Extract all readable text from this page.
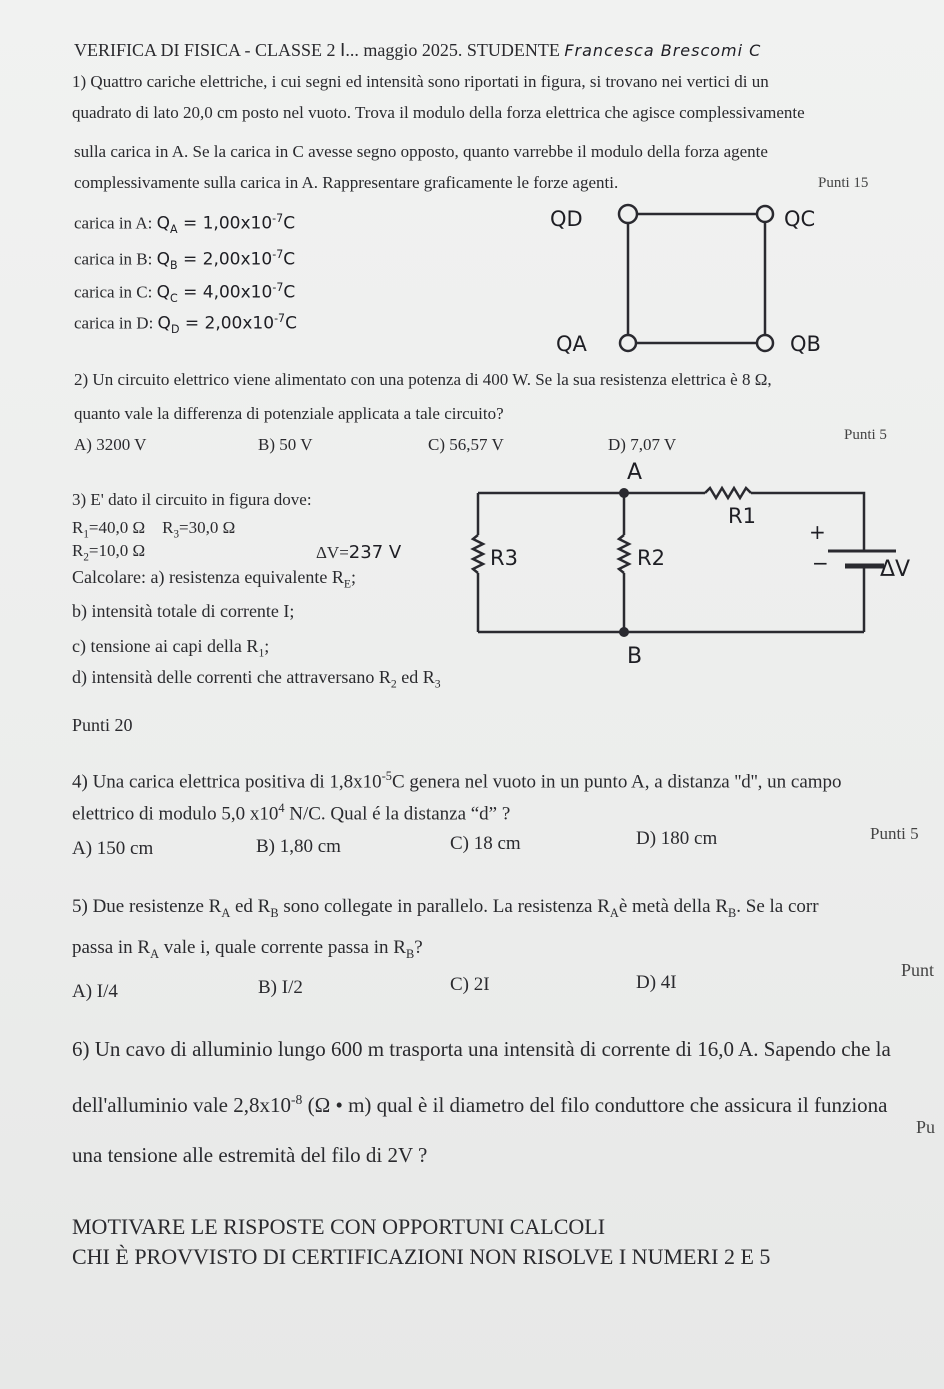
VERIFICA DI FISICA - CLASSE 2 I... maggio 2025. STUDENTE Francesca Brescomi C
1) Quattro cariche elettriche, i cui segni ed intensità sono riportati in figura, si trovano nei vertici di un
quadrato di lato 20,0 cm posto nel vuoto. Trova il modulo della forza elettrica che agisce complessivamente
sulla carica in A. Se la carica in C avesse segno opposto, quanto varrebbe il modulo della forza agente
complessivamente sulla carica in A. Rappresentare graficamente le forze agenti.	Punti 15
carica in A: $Q_A = 1,00x10^{-7}C$
carica in B: $Q_B = 2,00x10^{-7}C$
carica in C: $Q_C = 4,00x10^{-7}C$
carica in D: $Q_D = 2,00x10^{-7}C$
QD	QC
QA	QB
2) Un circuito elettrico viene alimentato con una potenza di 400 W. Se la sua resistenza elettrica è 8 Ω,
quanto vale la differenza di potenziale applicata a tale circuito?
A) 3200 V	B) 50 V	C) 56,57 V	D) 7,07 V	Punti 5
3) E' dato il circuito in figura dove:
$R_1=40,0$ Ω $R_3=30,0$ Ω
$R_2=10,0$ Ω	ΔV=237 V
Calcolare: a) resistenza equivalente $R_E$;
b) intensità totale di corrente I;
c) tensione ai capi della $R_1$;
d) intensità delle correnti che attraversano $R_2$ ed $R_3$
Punti 20
A
B
R1
R3	R2
+
− ΔV
4) Una carica elettrica positiva di $1,8x10^{-5}C$ genera nel vuoto in un punto A, a distanza ''d'', un campo
elettrico di modulo 5,0 $x10^4$ N/C. Qual é la distanza “d” ?
A) 150 cm	B) 1,80 cm	C) 18 cm	D) 180 cm	Punti 5
5) Due resistenze $R_A$ ed $R_B$ sono collegate in parallelo. La resistenza $R_Aè$ metà della $R_B$. Se la corr
passa in $R_A$ vale i, quale corrente passa in $R_B$?
A) I/4	B) I/2	C) 2I	D) 4I
Punt
6) Un cavo di alluminio lungo 600 m trasporta una intensità di corrente di 16,0 A. Sapendo che la
dell'alluminio vale $2,8x10^{-8}$ (Ω • m) qual è il diametro del filo conduttore che assicura il funziona
Pu
una tensione alle estremità del filo di 2V ?
MOTIVARE LE RISPOSTE CON OPPORTUNI CALCOLI
CHI È PROVVISTO DI CERTIFICAZIONI NON RISOLVE I NUMERI 2 E 5
